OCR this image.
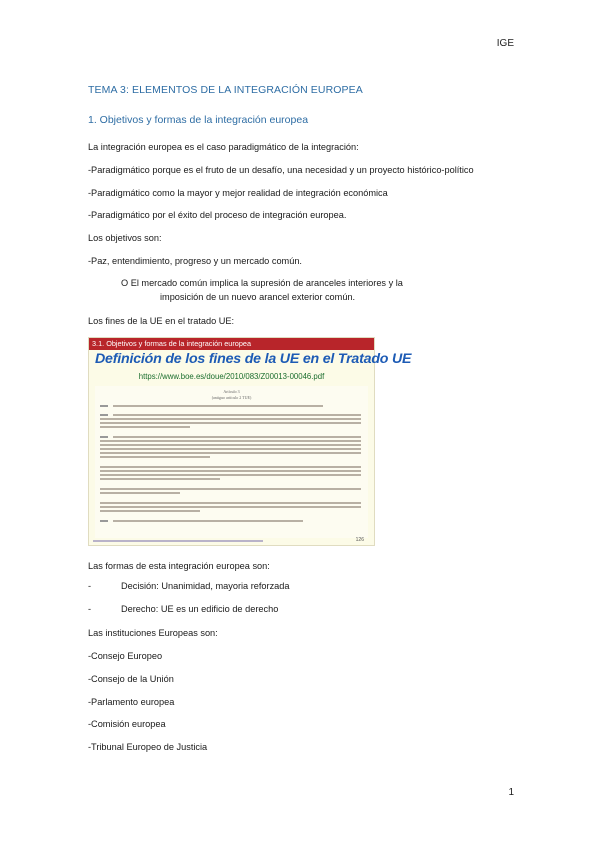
IGE
TEMA 3: ELEMENTOS DE LA INTEGRACIÓN EUROPEA
1. Objetivos y formas de la integración europea
La integración europea es el caso paradigmático de la integración:
-Paradigmático porque es el fruto de un desafío, una necesidad y un proyecto histórico-político
-Paradigmático como la mayor y mejor realidad de integración económica
-Paradigmático por el éxito del proceso de integración europea.
Los objetivos son:
-Paz, entendimiento, progreso y un mercado común.
O El mercado común implica la supresión de aranceles interiores y la
imposición de un nuevo arancel exterior común.
Los fines de la UE en el tratado UE:
3.1. Objetivos y formas de la integración europea
Definición de los fines de la UE en el Tratado UE
https://www.boe.es/doue/2010/083/Z00013-00046.pdf
Artículo 3
(antiguo artículo 2 TUE)
126
Las formas de esta integración europea son:
-	Decisión: Unanimidad, mayoria reforzada
-	Derecho: UE es un edificio de derecho
Las instituciones Europeas son:
-Consejo Europeo
-Consejo de la Unión
-Parlamento europea
-Comisión europea
-Tribunal Europeo de Justicia
1
